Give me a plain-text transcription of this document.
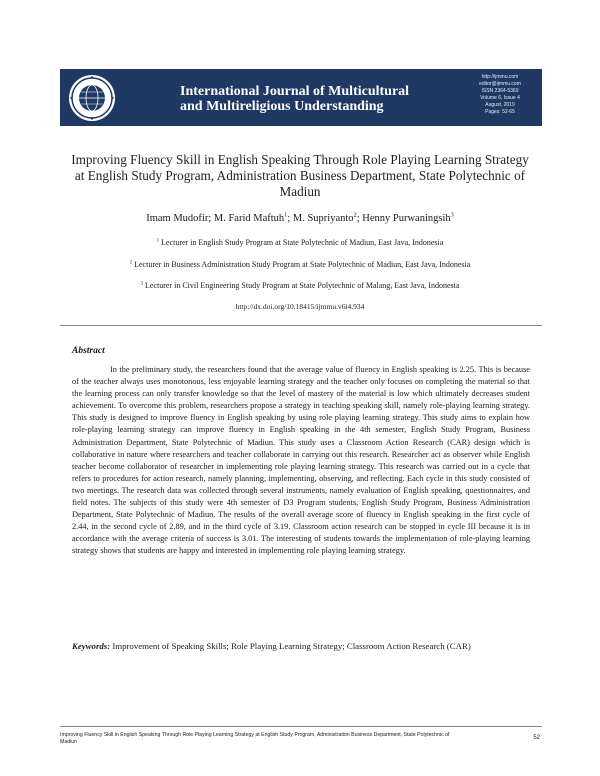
International Journal of Multicultural
and Multireligious Understanding
http://ijmmu.com
editor@ijmmu.com
ISSN 2364-5369
Volume 6, Issue 4
August, 2019
Pages: 52-65
Improving Fluency Skill in English Speaking Through Role Playing Learning Strategy at English Study Program, Administration Business Department, State Polytechnic of Madiun
Imam Mudofir; M. Farid Maftuh$^1$; M. Supriyanto$^2$; Henny Purwaningsih$^3$
$^1$ Lecturer in English Study Program at State Polytechnic of Madiun, East Java, Indonesia
$^2$ Lecturer in Business Administration Study Program at State Polytechnic of Madiun, East Java, Indonesia
$^3$ Lecturer in Civil Engineering Study Program at State Polytechnic of Malang, East Java, Indonesia
http://dx.doi.org/10.18415/ijmmu.v6i4.934
Abstract

In the preliminary study, the researchers found that the average value of fluency in English speaking is 2.25. This is because of the teacher always uses monotonous, less enjoyable learning strategy and the teacher only focuses on completing the material so that the learning process can only transfer knowledge so that the level of mastery of the material is low which ultimately decreases student achievement. To overcome this problem, researchers propose a strategy in teaching speaking skill, namely role-playing learning strategy. This study is designed to improve fluency in English speaking by using role playing learning strategy. This study aims to explain how role-playing learning strategy can improve fluency in English speaking in the 4th semester, English Study Program, Business Administration Department, State Polytechnic of Madiun. This study uses a Classroom Action Research (CAR) design which is collaborative in nature where researchers and teacher collaborate in carrying out this research. Researcher act as observer while English teacher become collaborator of researcher in implementing role playing learning strategy. This research was carried out in a cycle that refers to procedures for action research, namely planning, implementing, observing, and reflecting. Each cycle in this study consisted of two meetings. The research data was collected through several instruments, namely evaluation of English speaking, questionnaires, and field notes. The subjects of this study were 4th semester of D3 Program students, English Study Program, Business Administration Department, State Polytechnic of Madiun. The results of the overall average score of fluency in English speaking in the first cycle of 2.44, in the second cycle of 2.89, and in the third cycle of 3.19. Classroom action research can be stopped in cycle III because it is in accordance with the average criteria of success is 3.01. The interesting of students towards the implementation of role-playing learning strategy shows that students are happy and interested in implementing role playing learning strategy.

Keywords: Improvement of Speaking Skills; Role Playing Learning Strategy; Classroom Action Research (CAR)

Improving Fluency Skill in English Speaking Through Role Playing Learning Strategy at English Study Program, Administration Business Department, State Polytechnic of Madiun
52
